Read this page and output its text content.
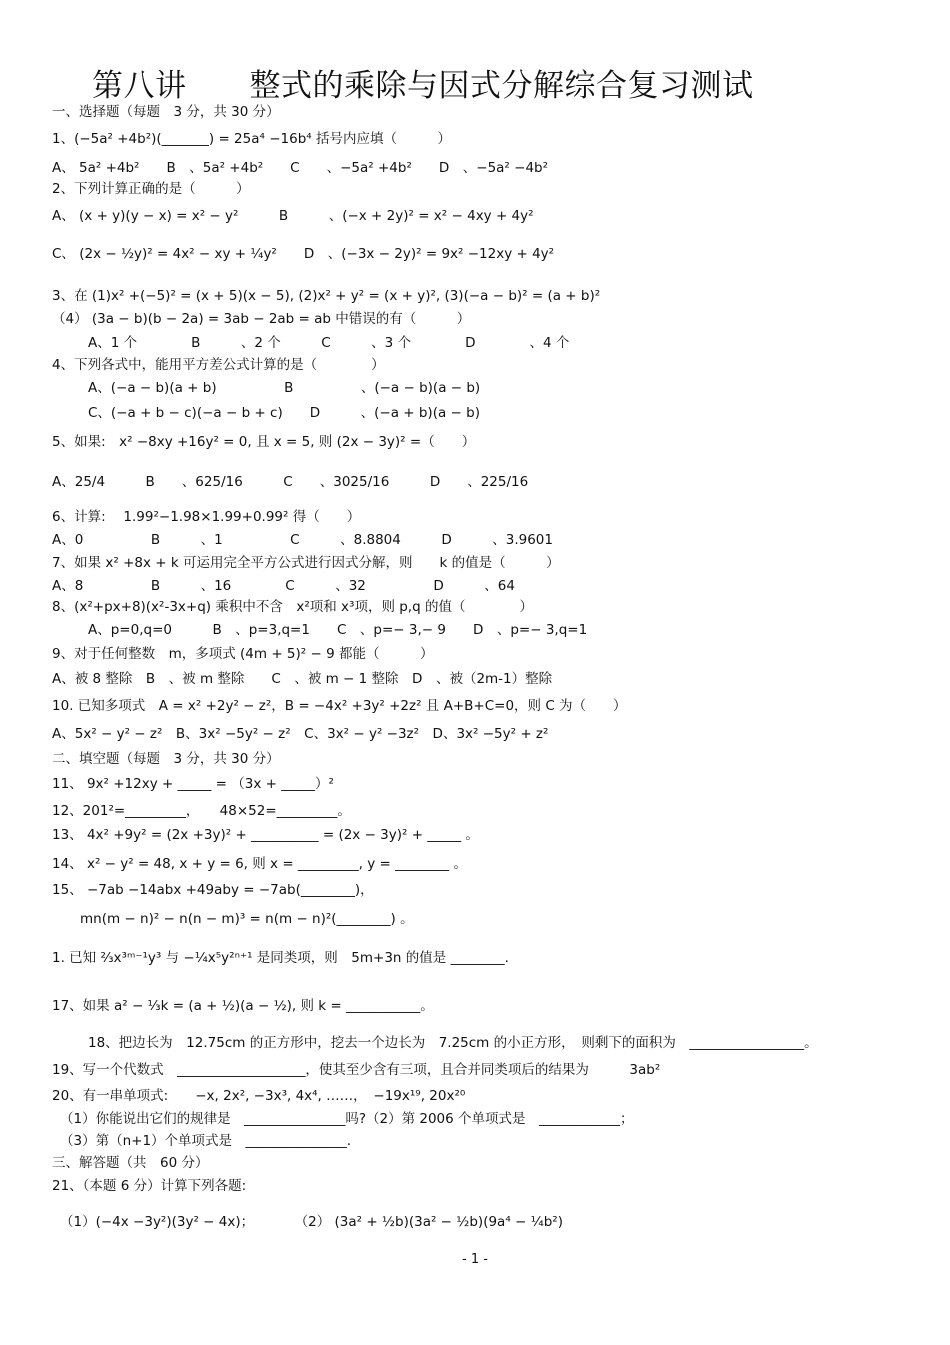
第八讲　　整式的乘除与因式分解综合复习测试
一、选择题（每题　3 分，共 30 分）
1、(−5a² +4b²)(_______) = 25a⁴ −16b⁴ 括号内应填（　　　）
A、 5a² +4b²　　B　、5a² +4b²　　C　　、−5a² +4b²　　D　、−5a² −4b²
2、下列计算正确的是（　　　）
A、 (x + y)(y − x) = x² − y²　　　B　　　、(−x + 2y)² = x² − 4xy + 4y²
C、 (2x − ½y)² = 4x² − xy + ¼y²　　D　、(−3x − 2y)² = 9x² −12xy + 4y²
3、在 (1)x² +(−5)² = (x + 5)(x − 5), (2)x² + y² = (x + y)², (3)(−a − b)² = (a + b)²
（4） (3a − b)(b − 2a) = 3ab − 2ab = ab 中错误的有（　　　）
A、1 个　　　　B　　　、2 个　　　C　　　、3 个　　　　D　　　　、4 个
4、下列各式中，能用平方差公式计算的是（　　　　）
A、(−a − b)(a + b)　　　　　B　　　　　、(−a − b)(a − b)
C、(−a + b − c)(−a − b + c)　　D　　　、(−a + b)(a − b)
5、如果:　x² −8xy +16y² = 0, 且 x = 5, 则 (2x − 3y)² =（　　）
A、25/4　　　B　　、625/16　　　C　　、3025/16　　　D　　、225/16
6、计算: 　1.99²−1.98×1.99+0.99² 得（　　）
A、0　　　　　B　　　、1　　　　　C　　　、8.8804　　　D　　　、3.9601
7、如果 x² +8x + k 可运用完全平方公式进行因式分解，则　　k 的值是（　　　）
A、8　　　　　B　　　、16　　　　C　　　、32　　　　　D　　　、64
8、(x²+px+8)(x²-3x+q) 乘积中不含　x²项和 x³项，则 p,q 的值（　　　　）
A、p=0,q=0　　　B　、p=3,q=1　　C　、p=− 3,− 9　　D　、p=− 3,q=1
9、对于任何整数　m，多项式 (4m + 5)² − 9 都能（　　　）
A、被 8 整除　B　、被 m 整除　　C　、被 m − 1 整除　D　、被（2m-1）整除
10. 已知多项式　A = x² +2y² − z²，B = −4x² +3y² +2z² 且 A+B+C=0，则 C 为（　　）
A、5x² − y² − z²　B、3x² −5y² − z²　C、3x² − y² −3z²　D、3x² −5y² + z²
二、填空题（每题　3 分，共 30 分）
11、 9x² +12xy + _____ = （3x + _____）²
12、201²=_________，　　48×52=_________。
13、 4x² +9y² = (2x +3y)² + __________ = (2x − 3y)² + _____ 。
14、 x² − y² = 48, x + y = 6, 则 x = _________, y = ________ 。
15、 −7ab −14abx +49aby = −7ab(________)，
mn(m − n)² − n(n − m)³ = n(m − n)²(________) 。
1. 已知 ⅔x³ᵐ⁻¹y³ 与 −¼x⁵y²ⁿ⁺¹ 是同类项，则　5m+3n 的值是 ________.
17、如果 a² − ⅓k = (a + ½)(a − ½), 则 k = ___________。
18、把边长为　12.75cm 的正方形中，挖去一个边长为　7.25cm 的小正方形，　则剩下的面积为　_________________。
19、写一个代数式　___________________，使其至少含有三项，且合并同类项后的结果为　　　3ab²
20、有一串单项式:　　−x, 2x², −3x³, 4x⁴, ……，　−19x¹⁹, 20x²⁰
（1）你能说出它们的规律是　_______________吗?（2）第 2006 个单项式是　____________；
（3）第（n+1）个单项式是　_______________.
三、解答题（共　60 分）
21、（本题 6 分）计算下列各题:
（1）(−4x −3y²)(3y² − 4x)；　　　　（2） (3a² + ½b)(3a² − ½b)(9a⁴ − ¼b²)
- 1 -
